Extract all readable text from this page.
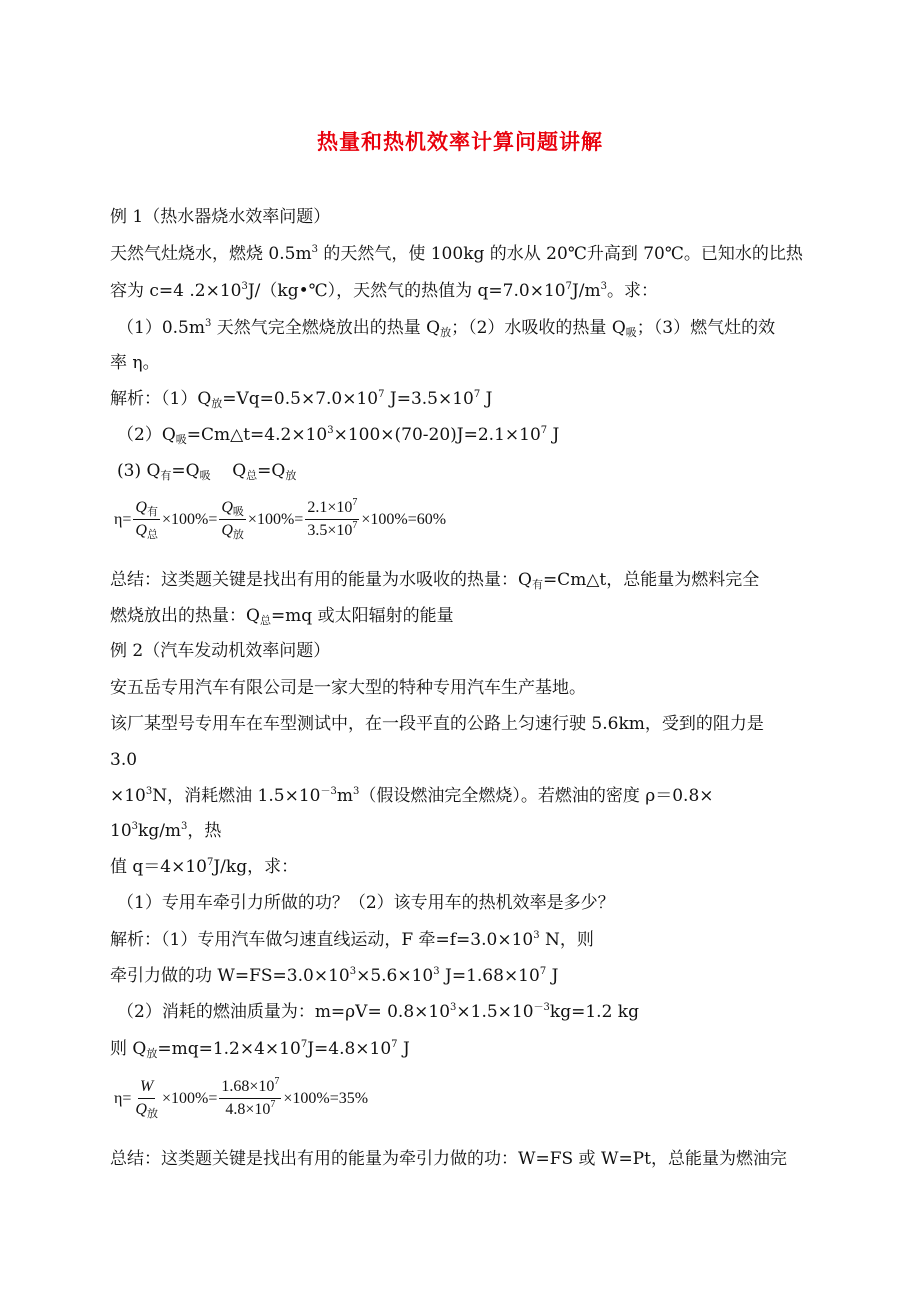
热量和热机效率计算问题讲解
例 1（热水器烧水效率问题）
天然气灶烧水，燃烧 $0.5m^3$ 的天然气，使 100kg 的水从 20℃升高到 70℃。已知水的比热
容为 c=4 $.2\times 10^3J/(kg•℃)$，天然气的热值为 $q=7.0\times 10^7J/m^3$。求：
$(1)0.5m^3$ 天然气完全燃烧放出的热量 $Q_放$；（2）水吸收的热量 $Q_吸$；（3）燃气灶的效
率 η。
解析：$(1)Q_放=Vq=0.5\times 7.0\times 10^7$ $J=3.5\times 10^7$ J
$(2)Q_吸=Cm\triangle t=4.2\times 10^3\times 100\times(70-20)J=2.1\times 10^7$ J
(3) $Q_有=Q_吸$    $Q_总=Q_放$
$\eta = \frac{Q_有}{Q_总} \times 100\% = \frac{Q_吸}{Q_放} \times 100\% = \frac{2.1\times 10^7}{3.5\times 10^7} \times 100\% =60\%$
总结：这类题关键是找出有用的能量为水吸收的热量：$Q_有=Cm\triangle t$，总能量为燃料完全
燃烧放出的热量：$Q_总=mq$ 或太阳辐射的能量
例 2（汽车发动机效率问题）
安五岳专用汽车有限公司是一家大型的特种专用汽车生产基地。
该厂某型号专用车在车型测试中，在一段平直的公路上匀速行驶 5.6km，受到的阻力是
3.0
$\times 10^3N$，消耗燃油 $1.5\times 10^{-3}m^3$（假设燃油完全燃烧）。若燃油的密度 ρ＝0.8×
$10^3kg/m^3$，热
值 $q=4\times 10^7J/kg$，求：
（1）专用车牵引力所做的功？（2）该专用车的热机效率是多少？
解析：（1）专用汽车做匀速直线运动，F 牵$=f=3.0\times 10^3$ N，则
牵引力做的功 $W=FS=3.0\times 10^3\times 5.6\times 10^3$ $J=1.68\times 10^7$ J
（2）消耗的燃油质量为：$m=\rho V= 0.8\times 10^3\times 1.5\times 10^{-3}kg=1.2$ kg
则 $Q_放=mq=1.2\times 4\times 10^7J=4.8\times 10^7$ J
$\eta = \frac{W}{Q_放} \times 100\% = \frac{1.68\times 10^7}{4.8\times 10^7} \times 100\% =35\%$
总结：这类题关键是找出有用的能量为牵引力做的功：W=FS 或 W=Pt，总能量为燃油完
